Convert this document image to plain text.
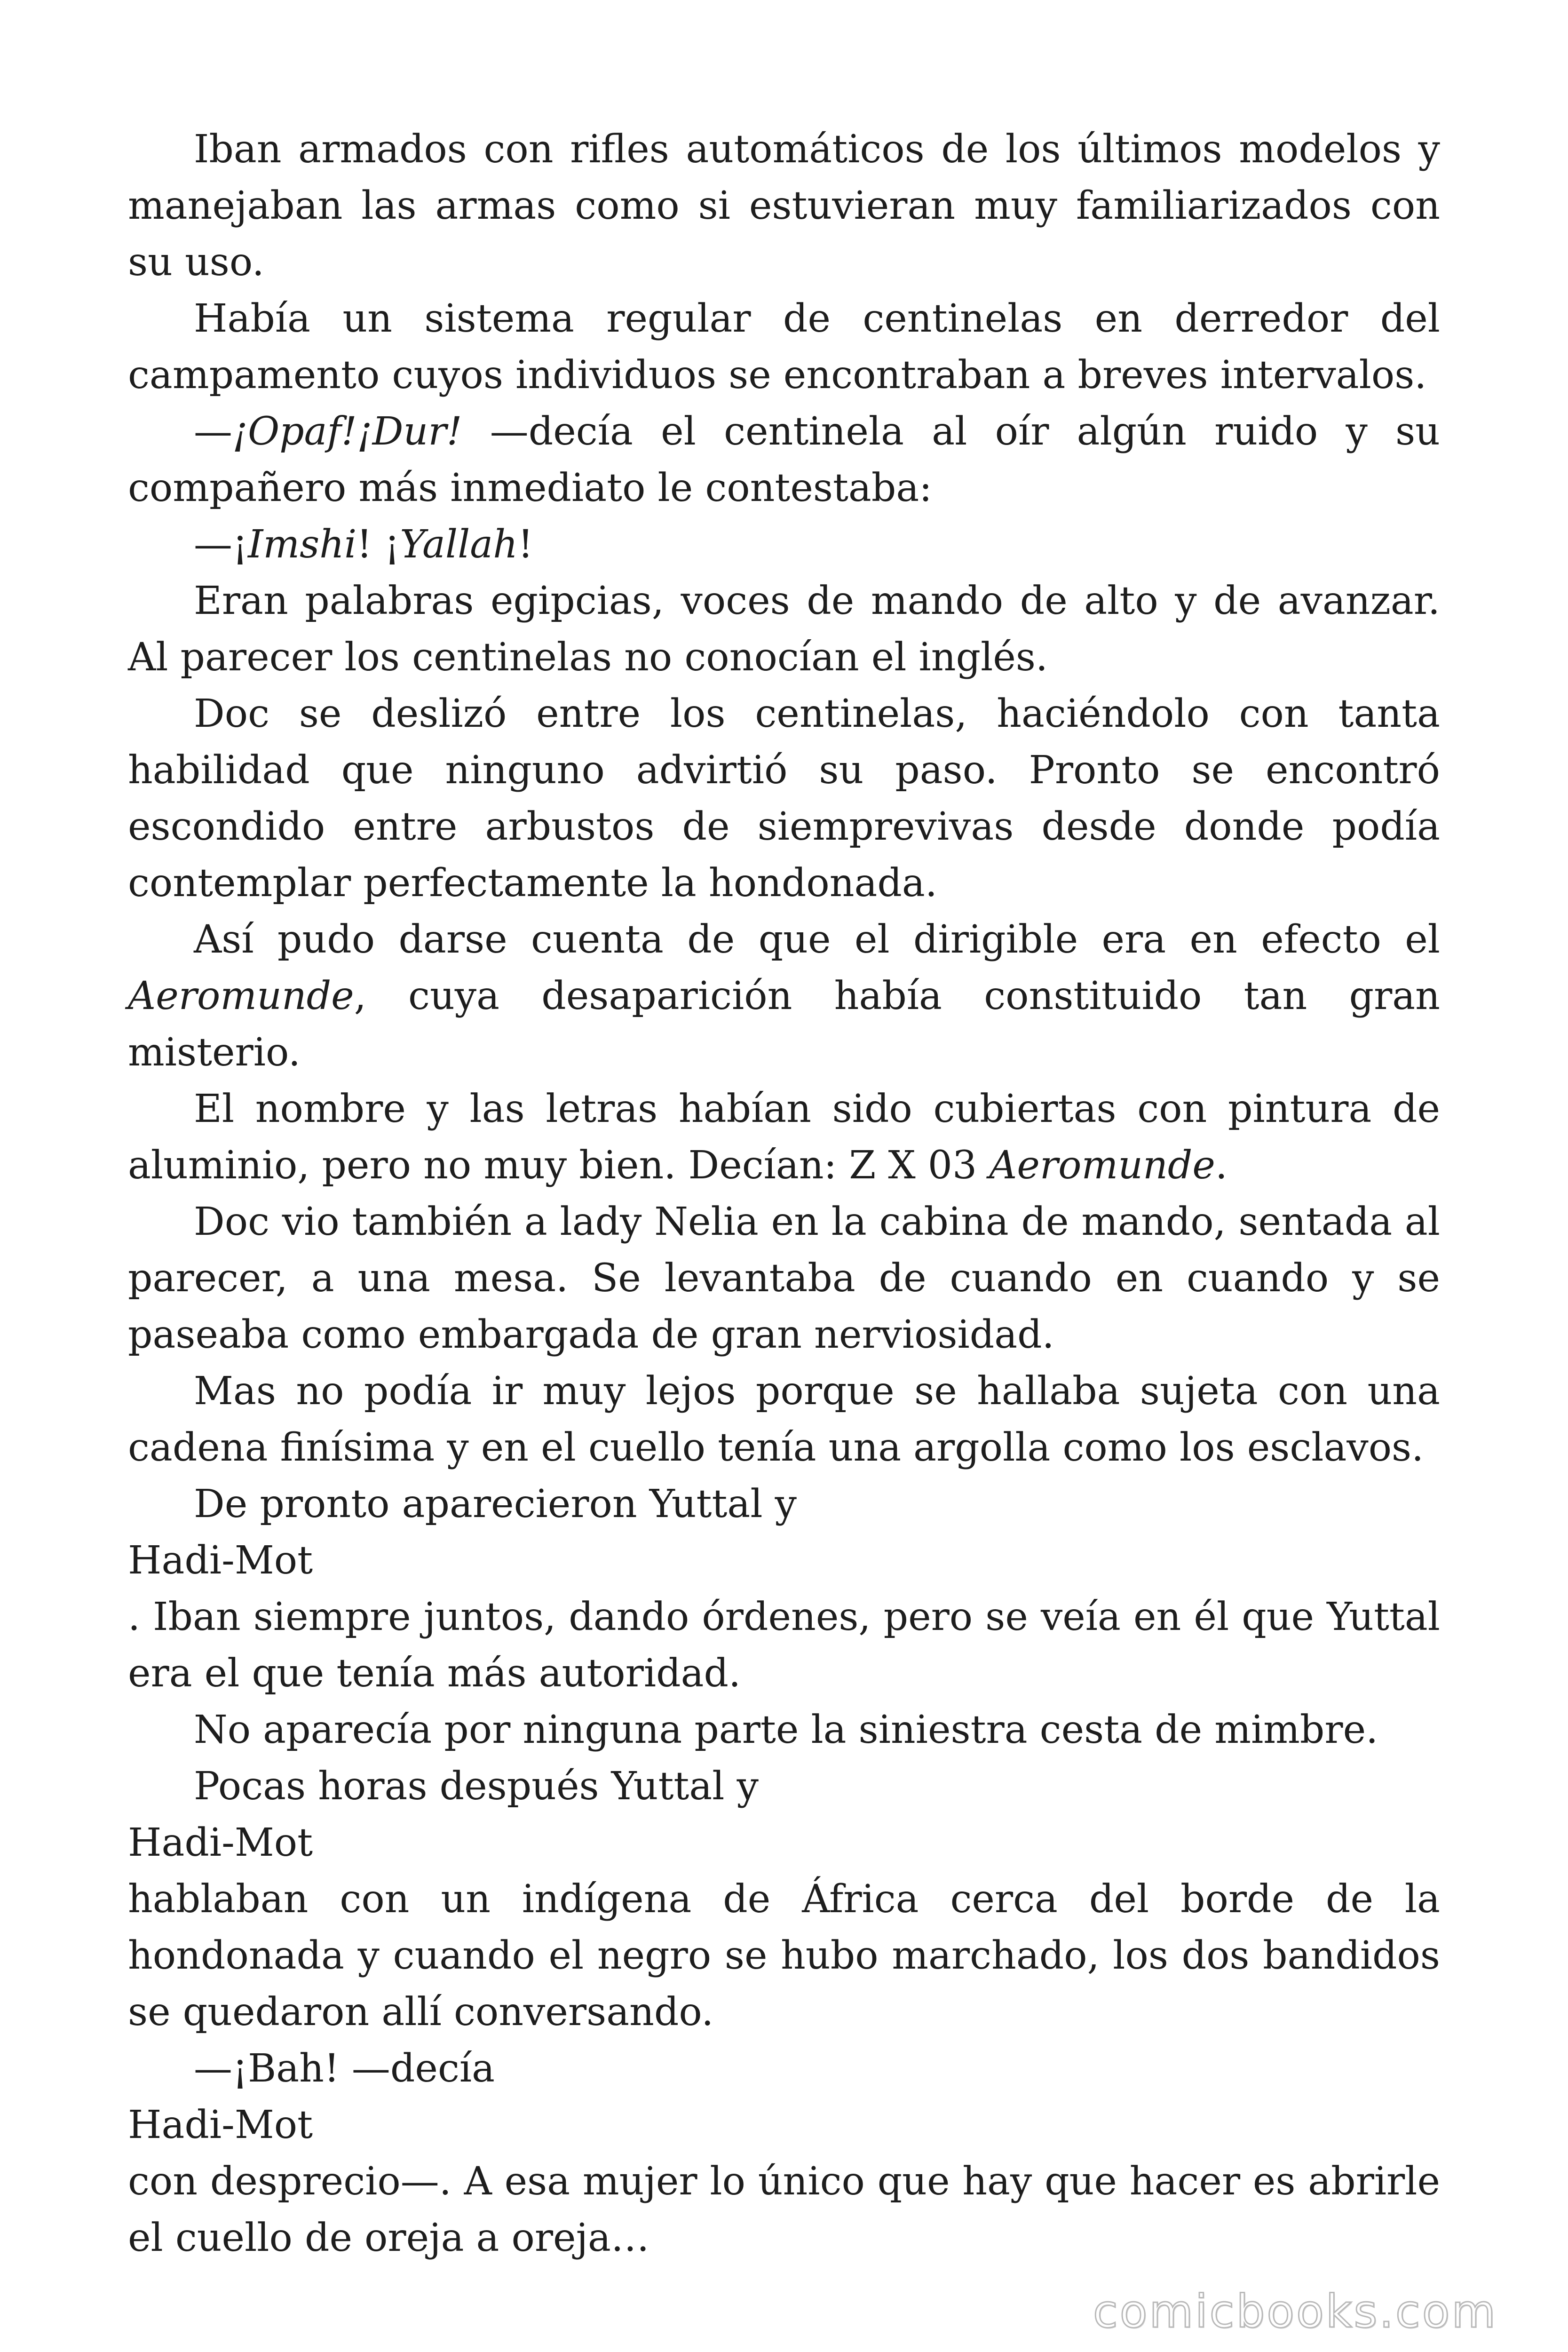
Iban armados con rifles automáticos de los últimos modelos y manejaban las armas como si estuvieran muy familiarizados con su uso.

Había un sistema regular de centinelas en derredor del campamento cuyos individuos se encontraban a breves intervalos.

—¡Opaf!¡Dur! —decía el centinela al oír algún ruido y su compañero más inmediato le contestaba:

—¡Imshi! ¡Yallah!

Eran palabras egipcias, voces de mando de alto y de avanzar. Al parecer los centinelas no conocían el inglés.

Doc se deslizó entre los centinelas, haciéndolo con tanta habilidad que ninguno advirtió su paso. Pronto se encontró escondido entre arbustos de siemprevivas desde donde podía contemplar perfectamente la hondonada.

Así pudo darse cuenta de que el dirigible era en efecto el Aeromunde, cuya desaparición había constituido tan gran misterio.

El nombre y las letras habían sido cubiertas con pintura de aluminio, pero no muy bien. Decían: Z X 03 Aeromunde.

Doc vio también a lady Nelia en la cabina de mando, sentada al parecer, a una mesa. Se levantaba de cuando en cuando y se paseaba como embargada de gran nerviosidad.

Mas no podía ir muy lejos porque se hallaba sujeta con una cadena finísima y en el cuello tenía una argolla como los esclavos.

De pronto aparecieron Yuttal y

Hadi-Mot

. Iban siempre juntos, dando órdenes, pero se veía en él que Yuttal era el que tenía más autoridad.

No aparecía por ninguna parte la siniestra cesta de mimbre.

Pocas horas después Yuttal y

Hadi-Mot

hablaban con un indígena de África cerca del borde de la hondonada y cuando el negro se hubo marchado, los dos bandidos se quedaron allí conversando.

—¡Bah! —decía

Hadi-Mot

con desprecio—. A esa mujer lo único que hay que hacer es abrirle el cuello de oreja a oreja…

comicbooks.com
